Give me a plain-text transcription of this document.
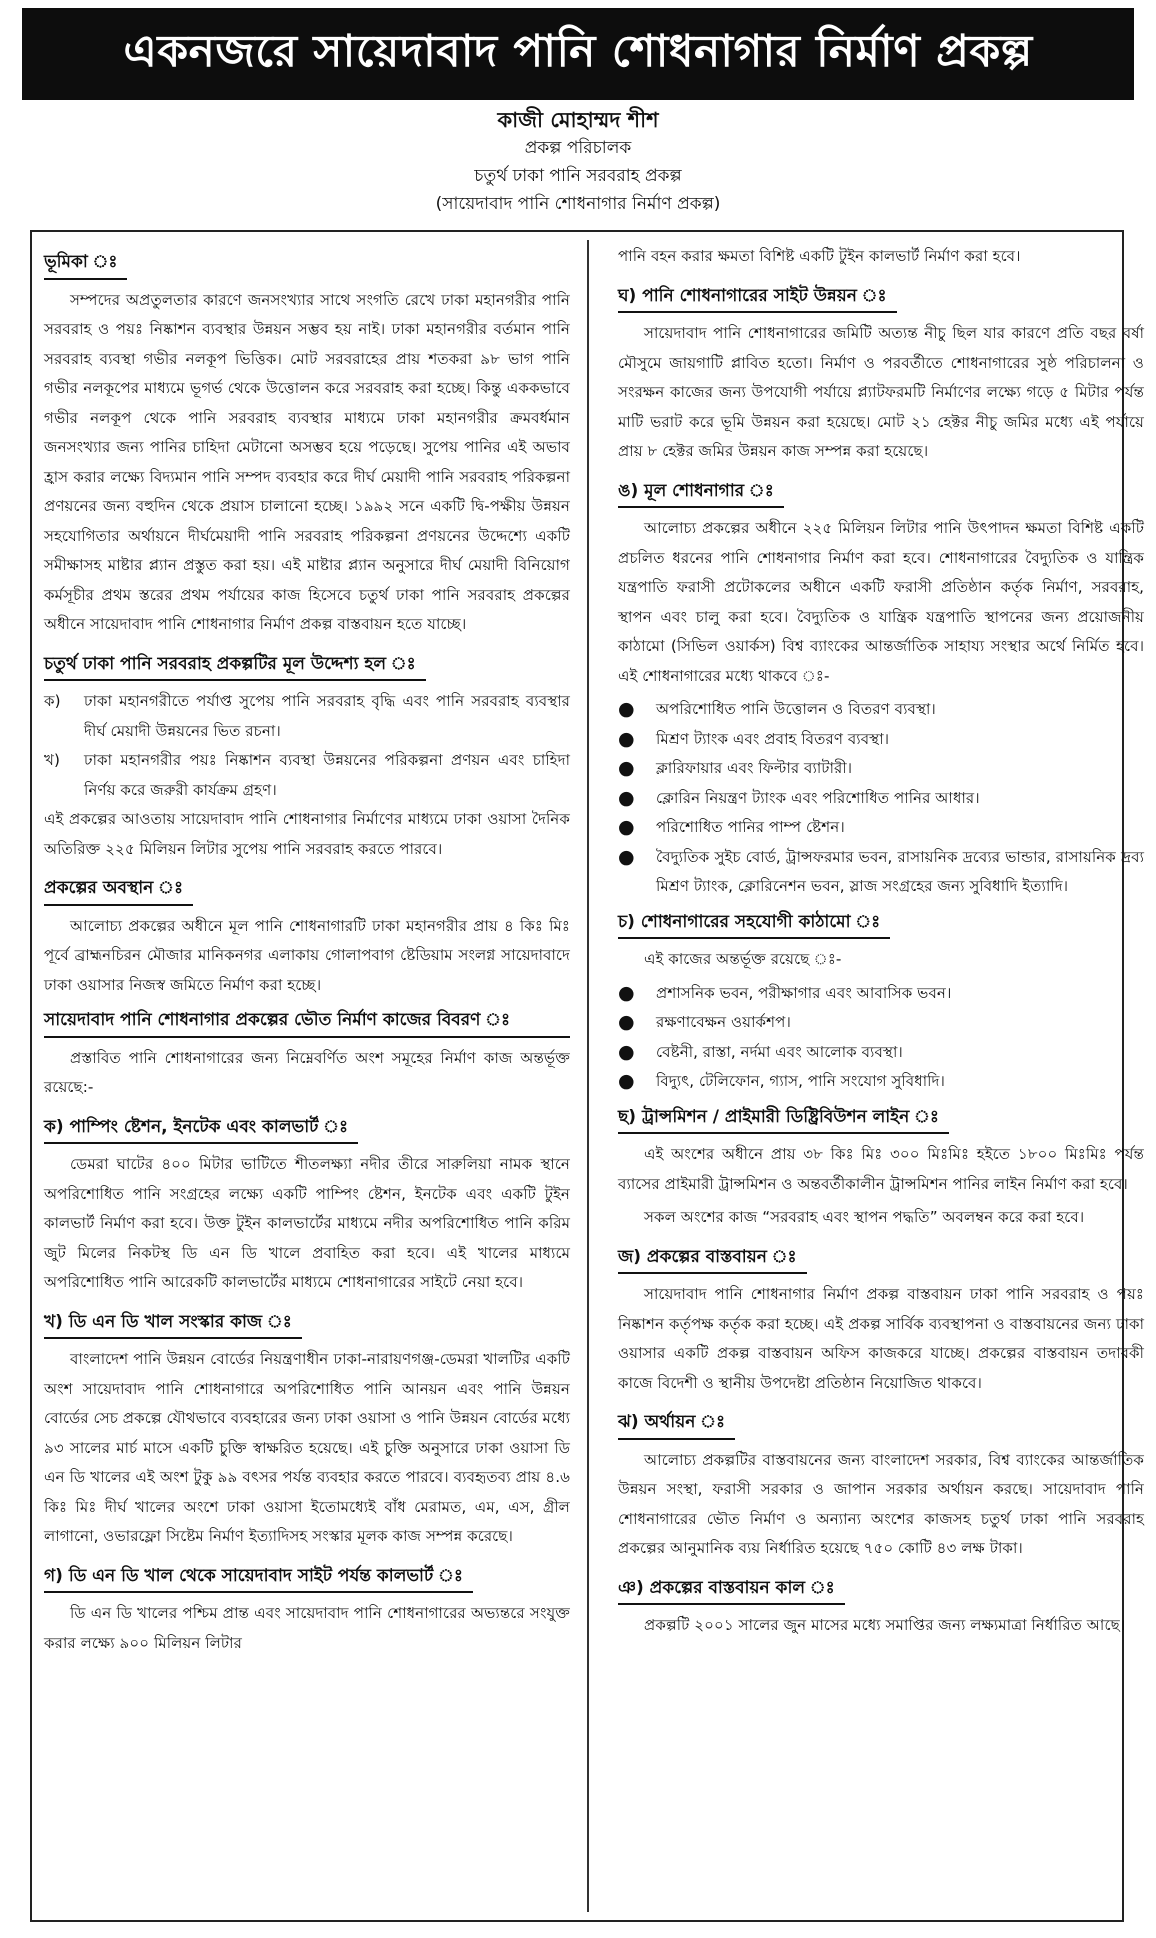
একনজরে সায়েদাবাদ পানি শোধনাগার নির্মাণ প্রকল্প
কাজী মোহাম্মদ শীশ
প্রকল্প পরিচালক
চতুর্থ ঢাকা পানি সরবরাহ প্রকল্প
(সায়েদাবাদ পানি শোধনাগার নির্মাণ প্রকল্প)
ভূমিকা ঃ

সম্পদের অপ্রতুলতার কারণে জনসংখ্যার সাথে সংগতি রেখে ঢাকা মহানগরীর পানি সরবরাহ ও পয়ঃ নিষ্কাশন ব্যবস্থার উন্নয়ন সম্ভব হয় নাই। ঢাকা মহানগরীর বর্তমান পানি সরবরাহ ব্যবস্থা গভীর নলকূপ ভিত্তিক। মোট সরবরাহের প্রায় শতকরা ৯৮ ভাগ পানি গভীর নলকূপের মাধ্যমে ভূগর্ভ থেকে উত্তোলন করে সরবরাহ করা হচ্ছে। কিন্তু এককভাবে গভীর নলকূপ থেকে পানি সরবরাহ ব্যবস্থার মাধ্যমে ঢাকা মহানগরীর ক্রমবর্ধমান জনসংখ্যার জন্য পানির চাহিদা মেটানো অসম্ভব হয়ে পড়েছে। সুপেয় পানির এই অভাব হ্রাস করার লক্ষ্যে বিদ্যমান পানি সম্পদ ব্যবহার করে দীর্ঘ মেয়াদী পানি সরবরাহ পরিকল্পনা প্রণয়নের জন্য বহুদিন থেকে প্রয়াস চালানো হচ্ছে। ১৯৯২ সনে একটি দ্বি-পক্ষীয় উন্নয়ন সহযোগিতার অর্থায়নে দীর্ঘমেয়াদী পানি সরবরাহ পরিকল্পনা প্রণয়নের উদ্দেশ্যে একটি সমীক্ষাসহ মাষ্টার প্ল্যান প্রস্তুত করা হয়। এই মাষ্টার প্ল্যান অনুসারে দীর্ঘ মেয়াদী বিনিয়োগ কর্মসূচীর প্রথম স্তরের প্রথম পর্যায়ের কাজ হিসেবে চতুর্থ ঢাকা পানি সরবরাহ প্রকল্পের অধীনে সায়েদাবাদ পানি শোধনাগার নির্মাণ প্রকল্প বাস্তবায়ন হতে যাচ্ছে।

চতুর্থ ঢাকা পানি সরবরাহ প্রকল্পটির মূল উদ্দেশ্য হল ঃ
ক)	ঢাকা মহানগরীতে পর্যাপ্ত সুপেয় পানি সরবরাহ বৃদ্ধি এবং পানি সরবরাহ ব্যবস্থার দীর্ঘ মেয়াদী উন্নয়নের ভিত রচনা।
খ)	ঢাকা মহানগরীর পয়ঃ নিষ্কাশন ব্যবস্থা উন্নয়নের পরিকল্পনা প্রণয়ন এবং চাহিদা নির্ণয় করে জরুরী কার্যক্রম গ্রহণ।

এই প্রকল্পের আওতায় সায়েদাবাদ পানি শোধনাগার নির্মাণের মাধ্যমে ঢাকা ওয়াসা দৈনিক অতিরিক্ত ২২৫ মিলিয়ন লিটার সুপেয় পানি সরবরাহ করতে পারবে।

প্রকল্পের অবস্থান ঃ

আলোচ্য প্রকল্পের অধীনে মূল পানি শোধনাগারটি ঢাকা মহানগরীর প্রায় ৪ কিঃ মিঃ পূর্বে ব্রাহ্মনচিরন মৌজার মানিকনগর এলাকায় গোলাপবাগ ষ্টেডিয়াম সংলগ্ন সায়েদাবাদে ঢাকা ওয়াসার নিজস্ব জমিতে নির্মাণ করা হচ্ছে।

সায়েদাবাদ পানি শোধনাগার প্রকল্পের ভৌত নির্মাণ কাজের বিবরণ ঃ

প্রস্তাবিত পানি শোধনাগারের জন্য নিম্নেবর্ণিত অংশ সমূহের নির্মাণ কাজ অন্তর্ভূক্ত রয়েছে:-

ক) পাম্পিং ষ্টেশন, ইনটেক এবং কালভার্ট ঃ

ডেমরা ঘাটের ৪০০ মিটার ভাটিতে শীতলক্ষ্যা নদীর তীরে সারুলিয়া নামক স্থানে অপরিশোধিত পানি সংগ্রহের লক্ষ্যে একটি পাম্পিং ষ্টেশন, ইনটেক এবং একটি টুইন কালভার্ট নির্মাণ করা হবে। উক্ত টুইন কালভার্টের মাধ্যমে নদীর অপরিশোধিত পানি করিম জুট মিলের নিকটস্থ ডি এন ডি খালে প্রবাহিত করা হবে। এই খালের মাধ্যমে অপরিশোধিত পানি আরেকটি কালভার্টের মাধ্যমে শোধনাগারের সাইটে নেয়া হবে।

খ) ডি এন ডি খাল সংস্কার কাজ ঃ

বাংলাদেশ পানি উন্নয়ন বোর্ডের নিয়ন্ত্রণাধীন ঢাকা-নারায়ণগঞ্জ-ডেমরা খালটির একটি অংশ সায়েদাবাদ পানি শোধনাগারে অপরিশোধিত পানি আনয়ন এবং পানি উন্নয়ন বোর্ডের সেচ প্রকল্পে যৌথভাবে ব্যবহারের জন্য ঢাকা ওয়াসা ও পানি উন্নয়ন বোর্ডের মধ্যে ৯৩ সালের মার্চ মাসে একটি চুক্তি স্বাক্ষরিত হয়েছে। এই চুক্তি অনুসারে ঢাকা ওয়াসা ডি এন ডি খালের এই অংশ টুকু ৯৯ বৎসর পর্যন্ত ব্যবহার করতে পারবে। ব্যবহৃতব্য প্রায় ৪.৬ কিঃ মিঃ দীর্ঘ খালের অংশে ঢাকা ওয়াসা ইতোমধ্যেই বাঁধ মেরামত, এম, এস, গ্রীল লাগানো, ওভারফ্লো সিষ্টেম নির্মাণ ইত্যাদিসহ সংস্কার মূলক কাজ সম্পন্ন করেছে।

গ) ডি এন ডি খাল থেকে সায়েদাবাদ সাইট পর্যন্ত কালভার্ট ঃ

ডি এন ডি খালের পশ্চিম প্রান্ত এবং সায়েদাবাদ পানি শোধনাগারের অভ্যন্তরে সংযুক্ত করার লক্ষ্যে ৯০০ মিলিয়ন লিটার

পানি বহন করার ক্ষমতা বিশিষ্ট একটি টুইন কালভার্ট নির্মাণ করা হবে।

ঘ) পানি শোধনাগারের সাইট উন্নয়ন ঃ

সায়েদাবাদ পানি শোধনাগারের জমিটি অত্যন্ত নীচু ছিল যার কারণে প্রতি বছর বর্ষা মৌসুমে জায়গাটি প্লাবিত হতো। নির্মাণ ও পরবর্তীতে শোধনাগারের সুষ্ঠ পরিচালনা ও সংরক্ষন কাজের জন্য উপযোগী পর্যায়ে প্ল্যাটফরমটি নির্মাণের লক্ষ্যে গড়ে ৫ মিটার পর্যন্ত মাটি ভরাট করে ভূমি উন্নয়ন করা হয়েছে। মোট ২১ হেক্টর নীচু জমির মধ্যে এই পর্যায়ে প্রায় ৮ হেক্টর জমির উন্নয়ন কাজ সম্পন্ন করা হয়েছে।

ঙ) মূল শোধনাগার ঃ

আলোচ্য প্রকল্পের অধীনে ২২৫ মিলিয়ন লিটার পানি উৎপাদন ক্ষমতা বিশিষ্ট একটি প্রচলিত ধরনের পানি শোধনাগার নির্মাণ করা হবে। শোধনাগারের বৈদ্যুতিক ও যান্ত্রিক যন্ত্রপাতি ফরাসী প্রটোকলের অধীনে একটি ফরাসী প্রতিষ্ঠান কর্তৃক নির্মাণ, সরবরাহ, স্থাপন এবং চালু করা হবে। বৈদ্যুতিক ও যান্ত্রিক যন্ত্রপাতি স্থাপনের জন্য প্রয়োজনীয় কাঠামো (সিভিল ওয়ার্কস) বিশ্ব ব্যাংকের আন্তর্জাতিক সাহায্য সংস্থার অর্থে নির্মিত হবে। এই শোধনাগারের মধ্যে থাকবে ঃ-

●	অপরিশোধিত পানি উত্তোলন ও বিতরণ ব্যবস্থা।
●	মিশ্রণ ট্যাংক এবং প্রবাহ বিতরণ ব্যবস্থা।
●	ক্লারিফায়ার এবং ফিল্টার ব্যাটারী।
●	ক্লোরিন নিয়ন্ত্রণ ট্যাংক এবং পরিশোধিত পানির আধার।
●	পরিশোধিত পানির পাম্প ষ্টেশন।
●	বৈদ্যুতিক সুইচ বোর্ড, ট্রান্সফরমার ভবন, রাসায়নিক দ্রব্যের ভান্ডার, রাসায়নিক দ্রব্য মিশ্রণ ট্যাংক, ক্লোরিনেশন ভবন, স্লাজ সংগ্রহের জন্য সুবিধাদি ইত্যাদি।
চ) শোধনাগারের সহযোগী কাঠামো ঃ

এই কাজের অন্তর্ভূক্ত রয়েছে ঃ-

●	প্রশাসনিক ভবন, পরীক্ষাগার এবং আবাসিক ভবন।
●	রক্ষণাবেক্ষন ওয়ার্কশপ।
●	বেষ্টনী, রাস্তা, নর্দমা এবং আলোক ব্যবস্থা।
●	বিদ্যুৎ, টেলিফোন, গ্যাস, পানি সংযোগ সুবিধাদি।
ছ) ট্রান্সমিশন / প্রাইমারী ডিষ্ট্রিবিউশন লাইন ঃ

এই অংশের অধীনে প্রায় ৩৮ কিঃ মিঃ ৩০০ মিঃমিঃ হইতে ১৮০০ মিঃমিঃ পর্যন্ত ব্যাসের প্রাইমারী ট্রান্সমিশন ও অন্তবর্তীকালীন ট্রান্সমিশন পানির লাইন নির্মাণ করা হবে।

সকল অংশের কাজ “সরবরাহ এবং স্থাপন পদ্ধতি” অবলম্বন করে করা হবে।

জ) প্রকল্পের বাস্তবায়ন ঃ

সায়েদাবাদ পানি শোধনাগার নির্মাণ প্রকল্প বাস্তবায়ন ঢাকা পানি সরবরাহ ও পয়ঃ নিষ্কাশন কর্তৃপক্ষ কর্তৃক করা হচ্ছে। এই প্রকল্প সার্বিক ব্যবস্থাপনা ও বাস্তবায়নের জন্য ঢাকা ওয়াসার একটি প্রকল্প বাস্তবায়ন অফিস কাজকরে যাচ্ছে। প্রকল্পের বাস্তবায়ন তদারকী কাজে বিদেশী ও স্থানীয় উপদেষ্টা প্রতিষ্ঠান নিয়োজিত থাকবে।

ঝ) অর্থায়ন ঃ

আলোচ্য প্রকল্পটির বাস্তবায়নের জন্য বাংলাদেশ সরকার, বিশ্ব ব্যাংকের আন্তর্জাতিক উন্নয়ন সংস্থা, ফরাসী সরকার ও জাপান সরকার অর্থায়ন করছে। সায়েদাবাদ পানি শোধনাগারের ভৌত নির্মাণ ও অন্যান্য অংশের কাজসহ চতুর্থ ঢাকা পানি সরবরাহ প্রকল্পের আনুমানিক ব্যয় নির্ধারিত হয়েছে ৭৫০ কোটি ৪৩ লক্ষ টাকা।

ঞ) প্রকল্পের বাস্তবায়ন কাল ঃ

প্রকল্পটি ২০০১ সালের জুন মাসের মধ্যে সমাপ্তির জন্য লক্ষ্যমাত্রা নির্ধারিত আছে।
